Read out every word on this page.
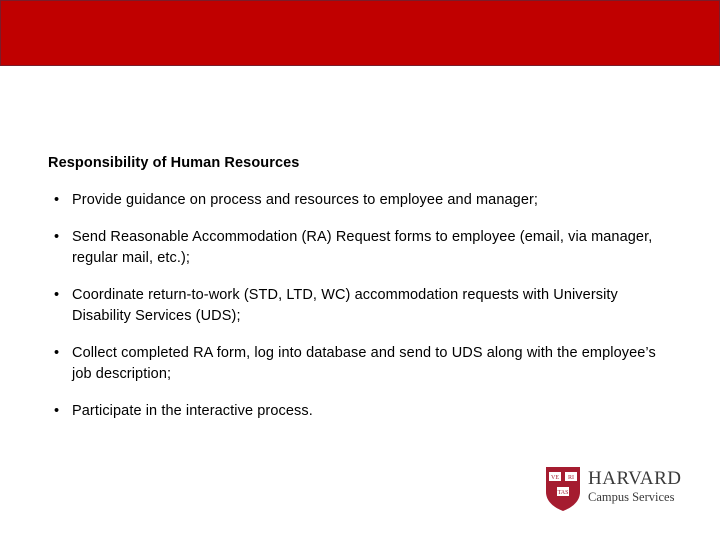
Responsibility of Human Resources
• Provide guidance on process and resources to employee and manager;
• Send Reasonable Accommodation (RA) Request forms to employee (email, via manager, regular mail, etc.);
• Coordinate return-to-work (STD, LTD, WC) accommodation requests with University Disability Services (UDS);
• Collect completed RA form, log into database and send to UDS along with the employee’s job description;
• Participate in the interactive process.
VE RI
TAS
HARVARD
Campus Services
